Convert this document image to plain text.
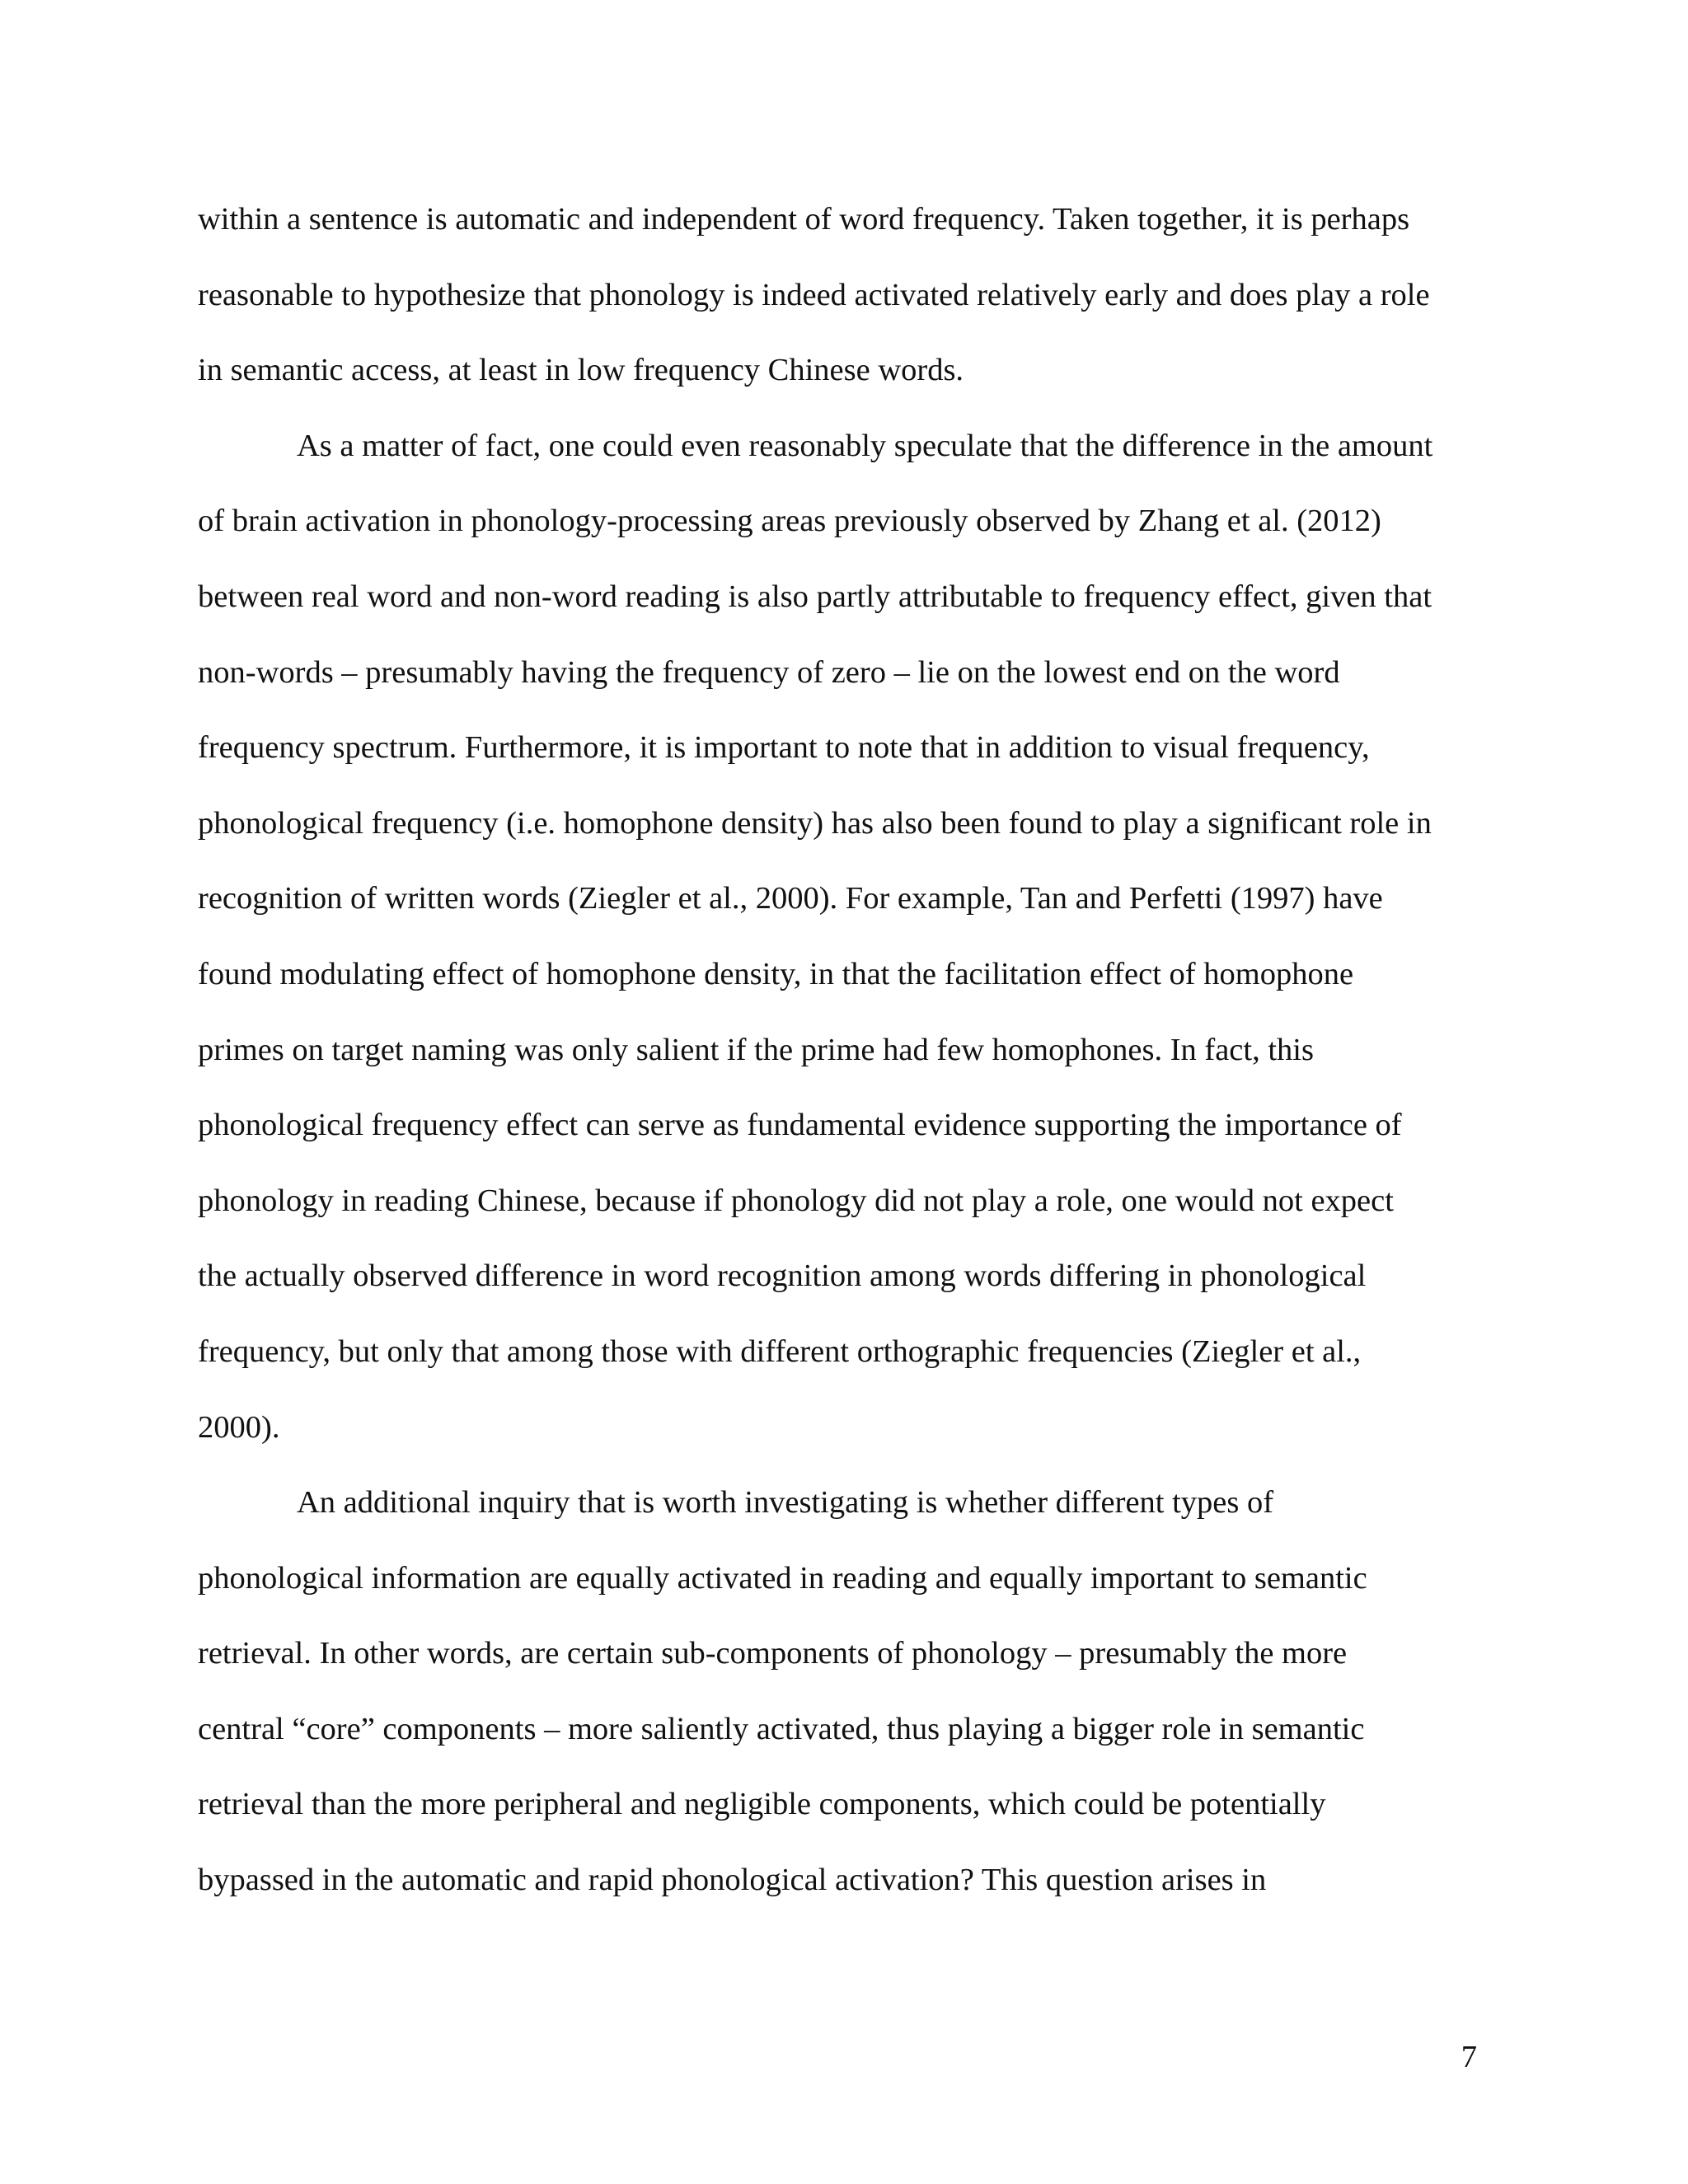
within a sentence is automatic and independent of word frequency. Taken together, it is perhaps
reasonable to hypothesize that phonology is indeed activated relatively early and does play a role
in semantic access, at least in low frequency Chinese words.
As a matter of fact, one could even reasonably speculate that the difference in the amount
of brain activation in phonology-processing areas previously observed by Zhang et al. (2012)
between real word and non-word reading is also partly attributable to frequency effect, given that
non-words – presumably having the frequency of zero – lie on the lowest end on the word
frequency spectrum. Furthermore, it is important to note that in addition to visual frequency,
phonological frequency (i.e. homophone density) has also been found to play a significant role in
recognition of written words (Ziegler et al., 2000). For example, Tan and Perfetti (1997) have
found modulating effect of homophone density, in that the facilitation effect of homophone
primes on target naming was only salient if the prime had few homophones. In fact, this
phonological frequency effect can serve as fundamental evidence supporting the importance of
phonology in reading Chinese, because if phonology did not play a role, one would not expect
the actually observed difference in word recognition among words differing in phonological
frequency, but only that among those with different orthographic frequencies (Ziegler et al.,
2000).
An additional inquiry that is worth investigating is whether different types of
phonological information are equally activated in reading and equally important to semantic
retrieval. In other words, are certain sub-components of phonology – presumably the more
central “core” components – more saliently activated, thus playing a bigger role in semantic
retrieval than the more peripheral and negligible components, which could be potentially
bypassed in the automatic and rapid phonological activation? This question arises in
7
